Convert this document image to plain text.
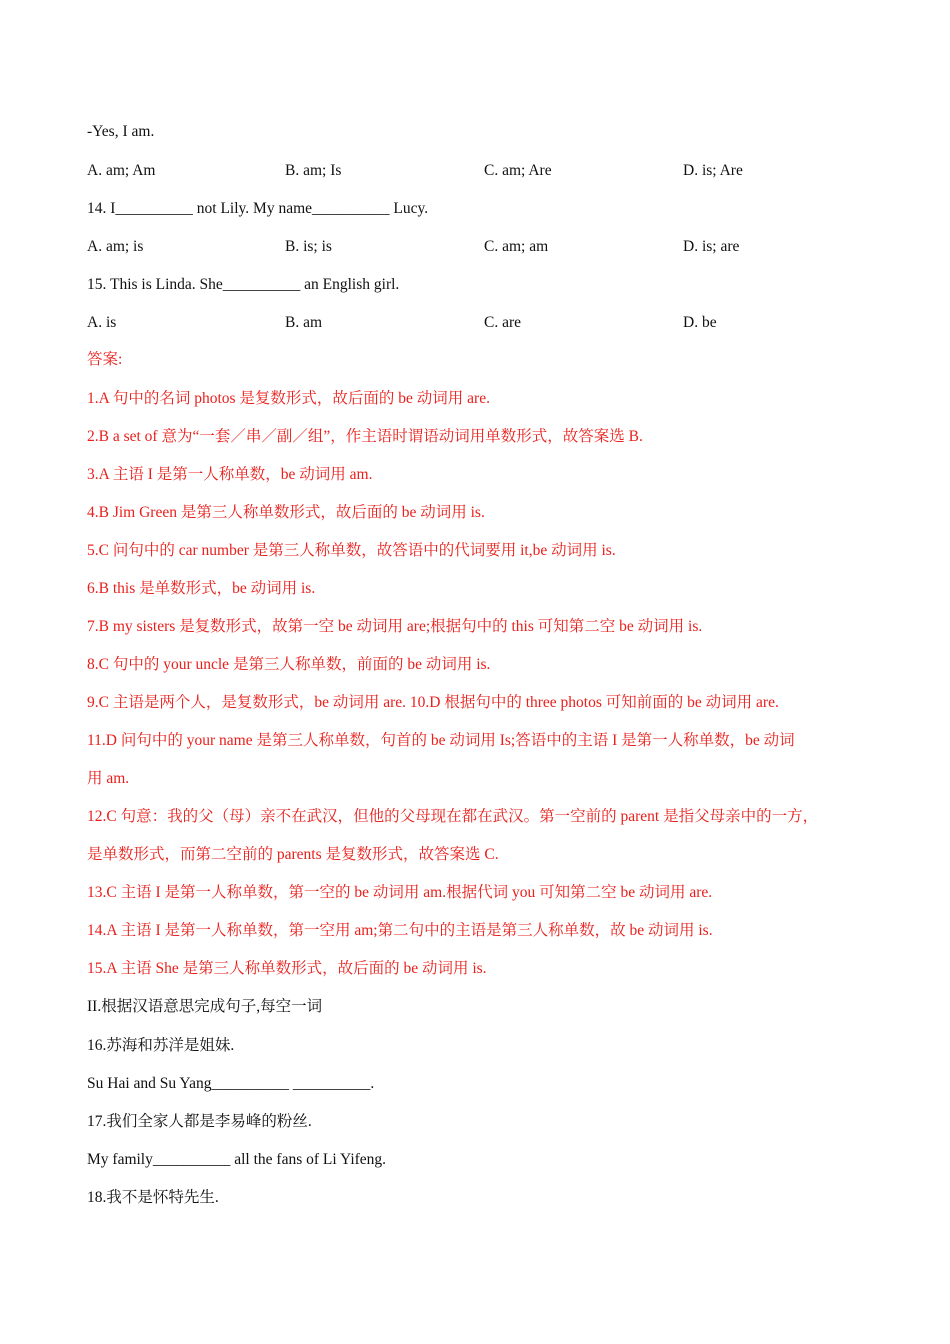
-Yes, I am.
A. am; Am	B. am; Is	C. am; Are	D. is; Are
14. I__________ not Lily. My name__________ Lucy.
A. am; is	B. is; is	C. am; am	D. is; are
15. This is Linda. She__________ an English girl.
A. is	B. am	C. are	D. be
答案:
1.A 句中的名词 photos 是复数形式，故后面的 be 动词用 are.
2.B a set of 意为“一套／串／副／组”，作主语时谓语动词用单数形式，故答案选 B.
3.A 主语 I 是第一人称单数，be 动词用 am.
4.B Jim Green 是第三人称单数形式，故后面的 be 动词用 is.
5.C 问句中的 car number 是第三人称单数，故答语中的代词要用 it,be 动词用 is.
6.B this 是单数形式，be 动词用 is.
7.B my sisters 是复数形式，故第一空 be 动词用 are;根据句中的 this 可知第二空 be 动词用 is.
8.C 句中的 your uncle 是第三人称单数，前面的 be 动词用 is.
9.C 主语是两个人，是复数形式，be 动词用 are. 10.D 根据句中的 three photos 可知前面的 be 动词用 are.
11.D 问句中的 your name 是第三人称单数，句首的 be 动词用 Is;答语中的主语 I 是第一人称单数，be 动词
用 am.
12.C 句意：我的父（母）亲不在武汉，但他的父母现在都在武汉。第一空前的 parent 是指父母亲中的一方，
是单数形式，而第二空前的 parents 是复数形式，故答案选 C.
13.C 主语 I 是第一人称单数，第一空的 be 动词用 am.根据代词 you 可知第二空 be 动词用 are.
14.A 主语 I 是第一人称单数，第一空用 am;第二句中的主语是第三人称单数，故 be 动词用 is.
15.A 主语 She 是第三人称单数形式，故后面的 be 动词用 is.
II.根据汉语意思完成句子,每空一词
16.苏海和苏洋是姐妹.
Su Hai and Su Yang__________ __________.
17.我们全家人都是李易峰的粉丝.
My family__________ all the fans of Li Yifeng.
18.我不是怀特先生.
